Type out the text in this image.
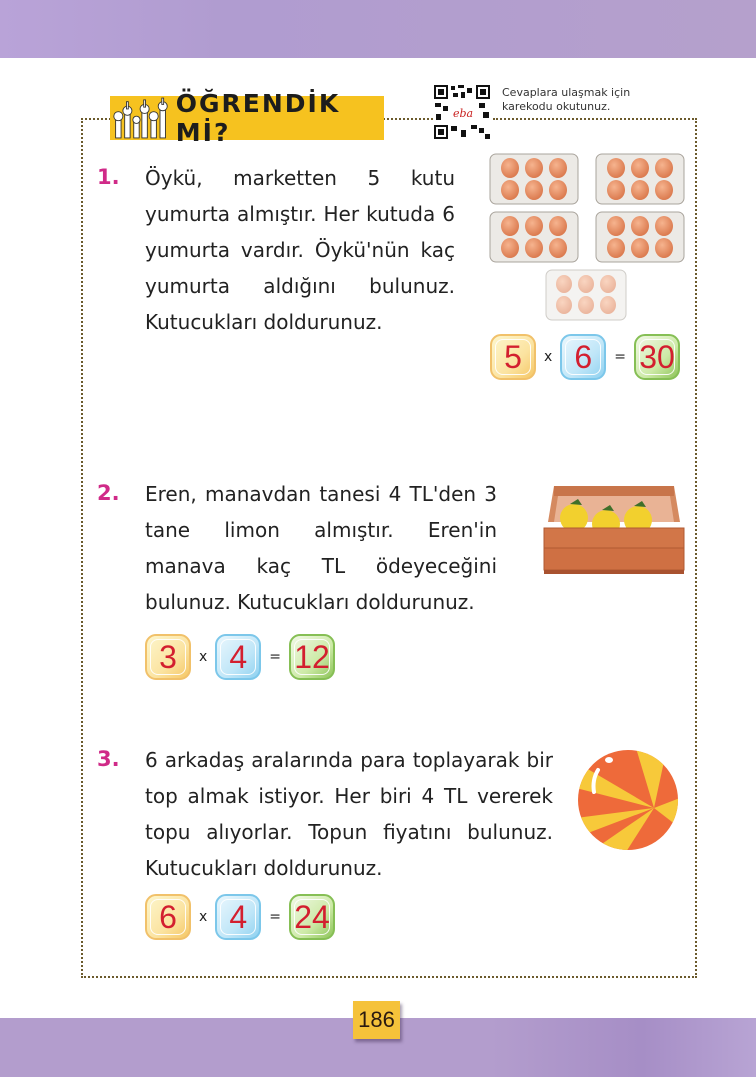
ÖĞRENDİK Mİ?
eba
Cevaplara ulaşmak için
karekodu okutunuz.
1. Öykü, marketten 5 kutu yumurta almıştır. Her kutuda 6 yumurta vardır. Öykü'nün kaç yumurta aldığını bulunuz. Kutucukları doldurunuz.
5	x 6	= 30
2. Eren, manavdan tanesi 4 TL'den 3 tane limon almıştır. Eren'in manava kaç TL ödeyeceğini bulunuz. Kutucukları doldurunuz.
3	x 4	= 12
3. 6 arkadaş aralarında para toplayarak bir top almak istiyor. Her biri 4 TL vererek topu alıyorlar. Topun fiyatını bulunuz. Kutucukları doldurunuz.
6	x 4	= 24
186
